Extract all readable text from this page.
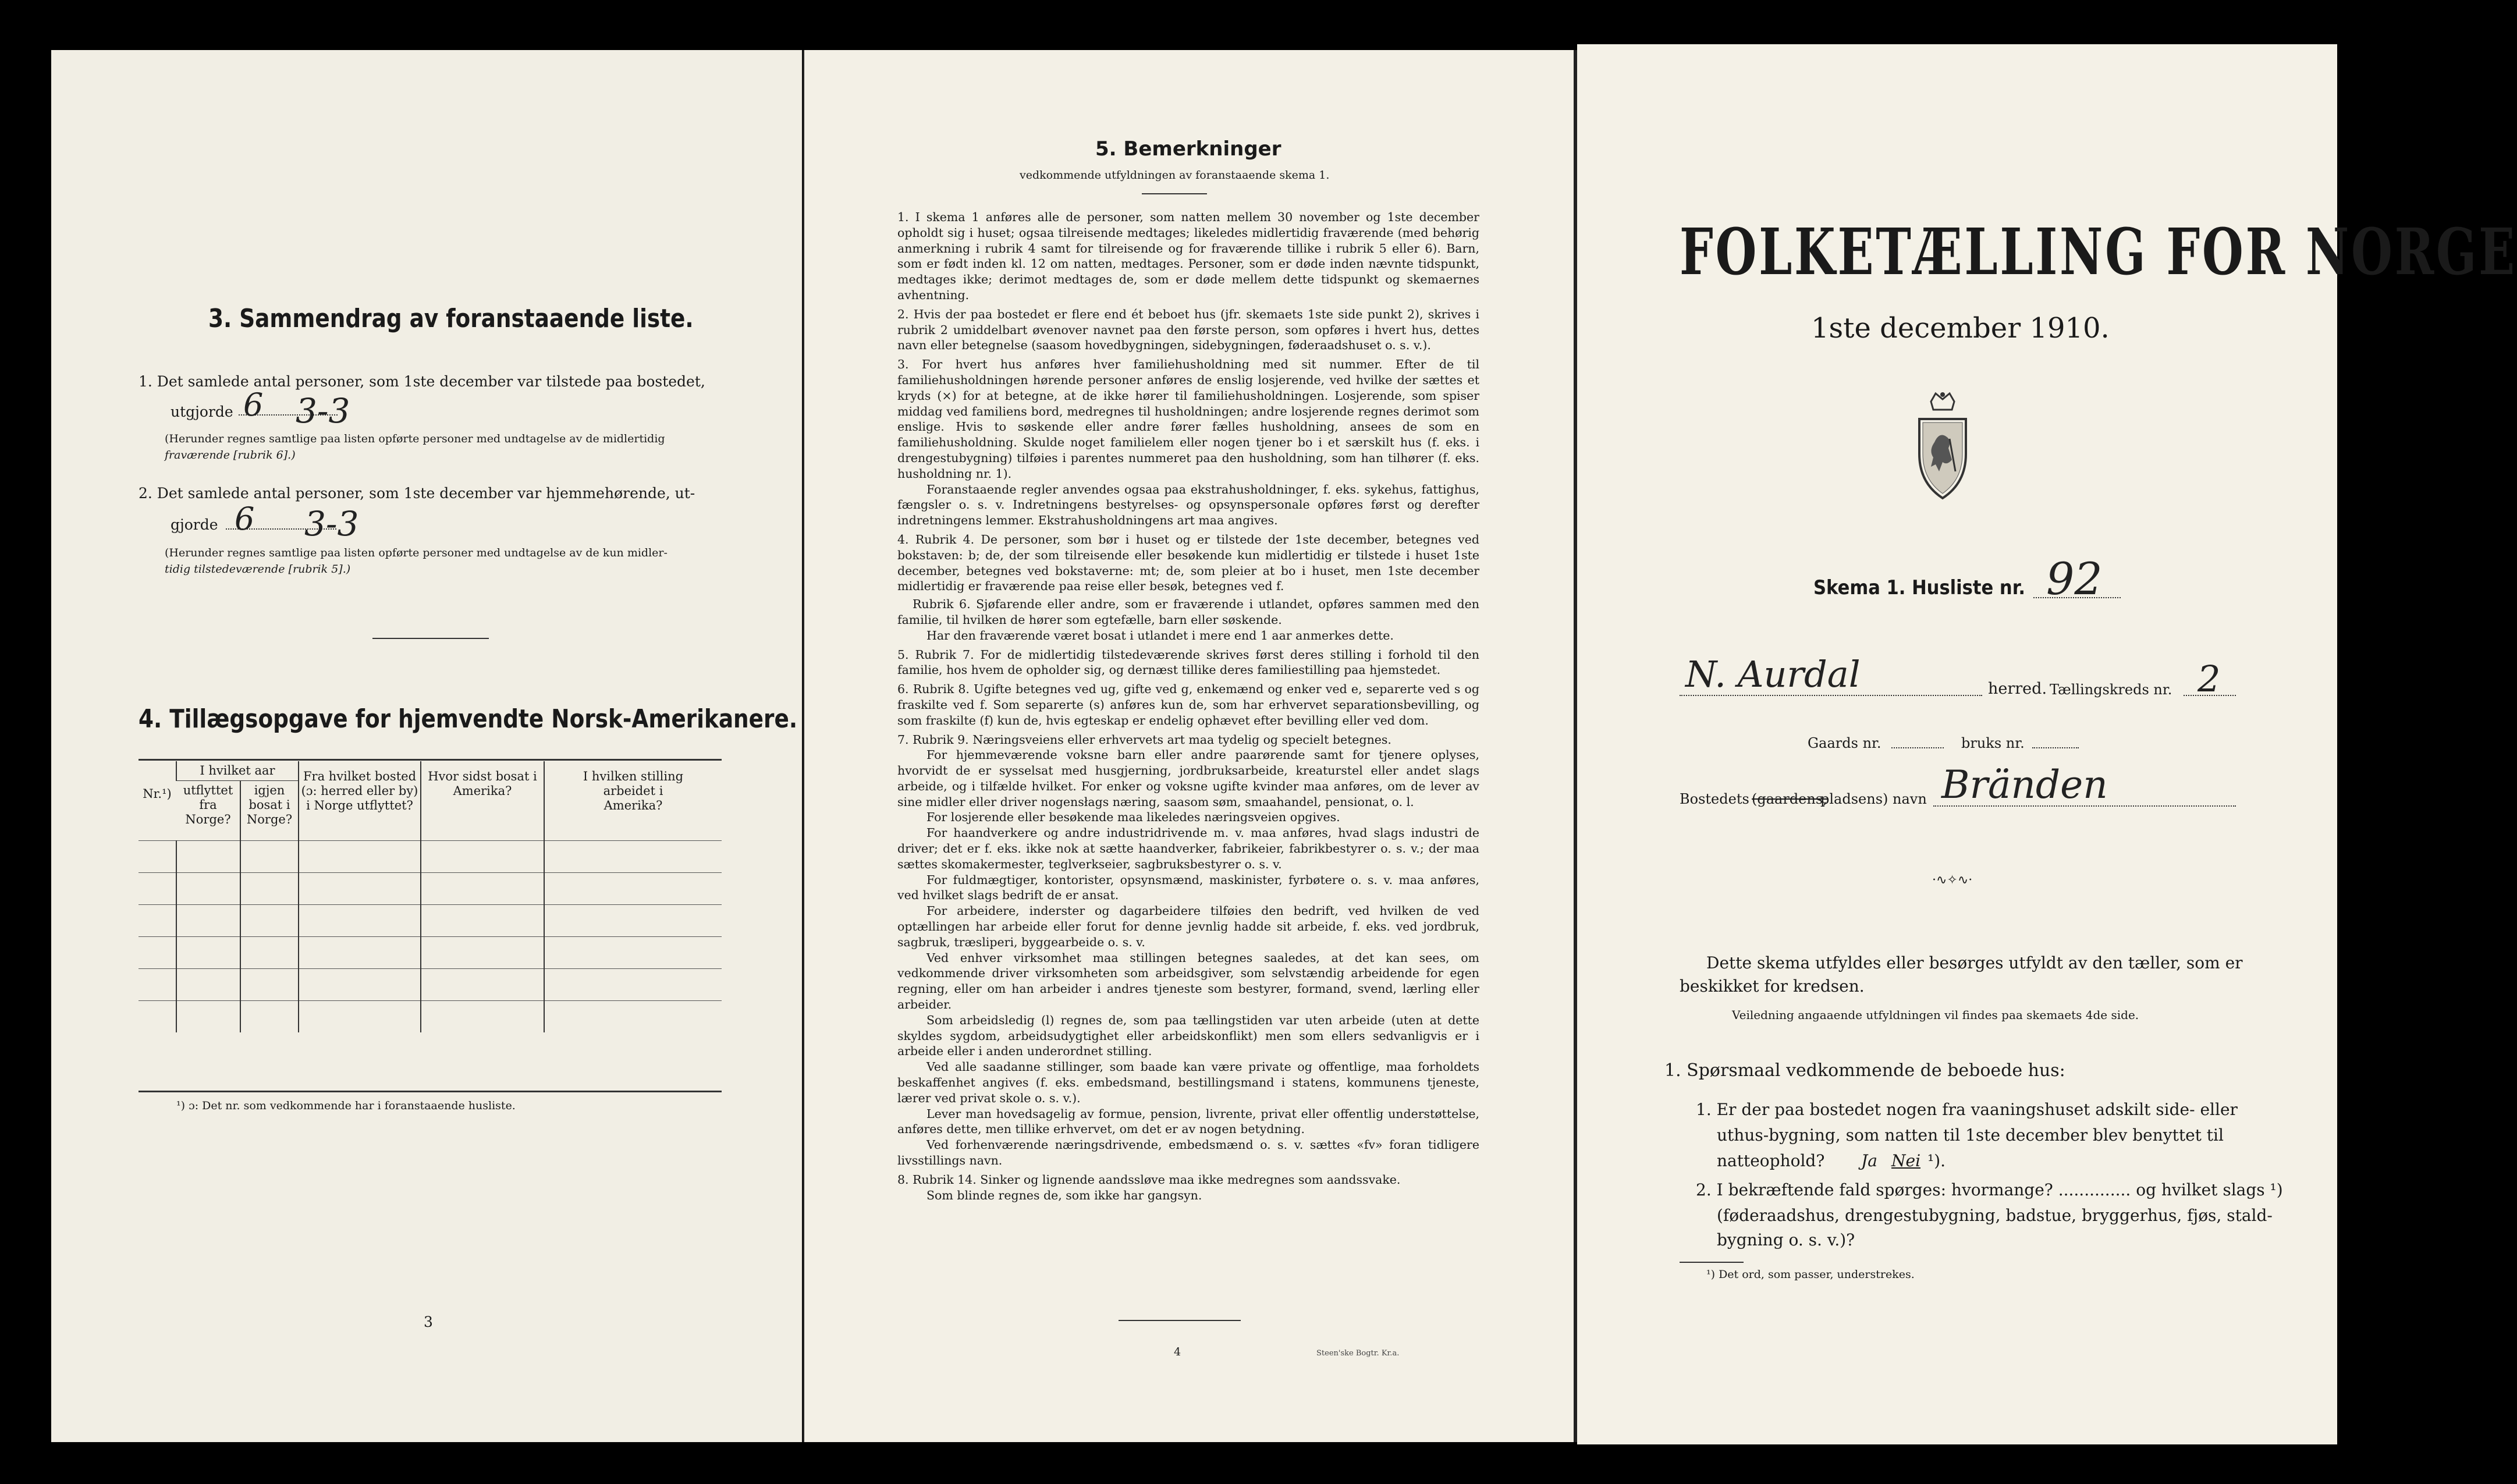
3. Sammendrag av foranstaaende liste.
1. Det samlede antal personer, som 1ste december var tilstede paa bostedet,
utgjorde 6 3-3
(Herunder regnes samtlige paa listen opførte personer med undtagelse av de midlertidig
fraværende [rubrik 6].)
2. Det samlede antal personer, som 1ste december var hjemmehørende, ut-
gjorde 6 3-3
(Herunder regnes samtlige paa listen opførte personer med undtagelse av de kun midler-
tidig tilstedeværende [rubrik 5].)
4. Tillægsopgave for hjemvendte Norsk-Amerikanere.
Nr.¹)	I hvilket aar		Fra hvilket bosted (ɔ: herred eller by) i Norge utflyttet?	Hvor sidst bosat i Amerika?	I hvilken stilling arbeidet i Amerika?
	utflyttet fra Norge?	igjen bosat i Norge?			

¹) ɔ: Det nr. som vedkommende har i foranstaaende husliste.
3
5. Bemerkninger
vedkommende utfyldningen av foranstaaende skema 1.

1. I skema 1 anføres alle de personer, som natten mellem 30 november og 1ste december opholdt sig i huset; ogsaa tilreisende medtages; likeledes midlertidig fraværende (med behørig anmerkning i rubrik 4 samt for tilreisende og for fraværende tillike i rubrik 5 eller 6). Barn, som er født inden kl. 12 om natten, medtages. Personer, som er døde inden nævnte tidspunkt, medtages ikke; derimot medtages de, som er døde mellem dette tidspunkt og skemaernes avhentning.

2. Hvis der paa bostedet er flere end ét beboet hus (jfr. skemaets 1ste side punkt 2), skrives i rubrik 2 umiddelbart øvenover navnet paa den første person, som opføres i hvert hus, dettes navn eller betegnelse (saasom hovedbygningen, sidebygningen, føderaadshuset o. s. v.).

3. For hvert hus anføres hver familiehusholdning med sit nummer. Efter de til familiehusholdningen hørende personer anføres de enslig losjerende, ved hvilke der sættes et kryds (×) for at betegne, at de ikke hører til familiehusholdningen. Losjerende, som spiser middag ved familiens bord, medregnes til husholdningen; andre losjerende regnes derimot som enslige. Hvis to søskende eller andre fører fælles husholdning, ansees de som en familiehusholdning. Skulde noget familielem eller nogen tjener bo i et særskilt hus (f. eks. i drengestubygning) tilføies i parentes nummeret paa den husholdning, som han tilhører (f. eks. husholdning nr. 1).

Foranstaaende regler anvendes ogsaa paa ekstrahusholdninger, f. eks. sykehus, fattighus, fængsler o. s. v. Indretningens bestyrelses- og opsynspersonale opføres først og derefter indretningens lemmer. Ekstrahusholdningens art maa angives.

4. Rubrik 4. De personer, som bør i huset og er tilstede der 1ste december, betegnes ved bokstaven: b; de, der som tilreisende eller besøkende kun midlertidig er tilstede i huset 1ste december, betegnes ved bokstaverne: mt; de, som pleier at bo i huset, men 1ste december midlertidig er fraværende paa reise eller besøk, betegnes ved f.

Rubrik 6. Sjøfarende eller andre, som er fraværende i utlandet, opføres sammen med den familie, til hvilken de hører som egtefælle, barn eller søskende.

Har den fraværende været bosat i utlandet i mere end 1 aar anmerkes dette.

5. Rubrik 7. For de midlertidig tilstedeværende skrives først deres stilling i forhold til den familie, hos hvem de opholder sig, og dernæst tillike deres familiestilling paa hjemstedet.

6. Rubrik 8. Ugifte betegnes ved ug, gifte ved g, enkemænd og enker ved e, separerte ved s og fraskilte ved f. Som separerte (s) anføres kun de, som har erhvervet separationsbevilling, og som fraskilte (f) kun de, hvis egteskap er endelig ophævet efter bevilling eller ved dom.

7. Rubrik 9. Næringsveiens eller erhvervets art maa tydelig og specielt betegnes.

For hjemmeværende voksne barn eller andre paarørende samt for tjenere oplyses, hvorvidt de er sysselsat med husgjerning, jordbruksarbeide, kreaturstel eller andet slags arbeide, og i tilfælde hvilket. For enker og voksne ugifte kvinder maa anføres, om de lever av sine midler eller driver nogensłags næring, saasom søm, smaahandel, pensionat, o. l.

For losjerende eller besøkende maa likeledes næringsveien opgives.

For haandverkere og andre industridrivende m. v. maa anføres, hvad slags industri de driver; det er f. eks. ikke nok at sætte haandverker, fabrikeier, fabrikbestyrer o. s. v.; der maa sættes skomakermester, teglverkseier, sagbruksbestyrer o. s. v.

For fuldmægtiger, kontorister, opsynsmænd, maskinister, fyrbøtere o. s. v. maa anføres, ved hvilket slags bedrift de er ansat.

For arbeidere, inderster og dagarbeidere tilføies den bedrift, ved hvilken de ved optællingen har arbeide eller forut for denne jevnlig hadde sit arbeide, f. eks. ved jordbruk, sagbruk, træsliperi, byggearbeide o. s. v.

Ved enhver virksomhet maa stillingen betegnes saaledes, at det kan sees, om vedkommende driver virksomheten som arbeidsgiver, som selvstændig arbeidende for egen regning, eller om han arbeider i andres tjeneste som bestyrer, formand, svend, lærling eller arbeider.

Som arbeidsledig (l) regnes de, som paa tællingstiden var uten arbeide (uten at dette skyldes sygdom, arbeidsudygtighet eller arbeidskonflikt) men som ellers sedvanligvis er i arbeide eller i anden underordnet stilling.

Ved alle saadanne stillinger, som baade kan være private og offentlige, maa forholdets beskaffenhet angives (f. eks. embedsmand, bestillingsmand i statens, kommunens tjeneste, lærer ved privat skole o. s. v.).

Lever man hovedsagelig av formue, pension, livrente, privat eller offentlig understøttelse, anføres dette, men tillike erhvervet, om det er av nogen betydning.

Ved forhenværende næringsdrivende, embedsmænd o. s. v. sættes «fv» foran tidligere livsstillings navn.

8. Rubrik 14. Sinker og lignende aandssløve maa ikke medregnes som aandssvake.

Som blinde regnes de, som ikke har gangsyn.

4	Steen'ske Bogtr. Kr.a.
FOLKETÆLLING FOR NORGE
1ste december 1910.
Skema 1. Husliste nr. 92
N. Aurdal	herred. Tællingskreds nr. 2
Gaards nr.	bruks nr.
Bostedets (gaardens,
pladsens) navn Bränden
·∿✧∿·
Dette skema utfyldes eller besørges utfyldt av den tæller, som er
beskikket for kredsen.
Veiledning angaaende utfyldningen vil findes paa skemaets 4de side.
1. Spørsmaal vedkommende de beboede hus:
1. Er der paa bostedet nogen fra vaaningshuset adskilt side- eller
uthus-bygning, som natten til 1ste december blev benyttet til
natteophold? Ja Nei ¹).
2. I bekræftende fald spørges: hvormange? .............. og hvilket slags ¹)
(føderaadshus, drengestubygning, badstue, bryggerhus, fjøs, stald-
bygning o. s. v.)?
¹) Det ord, som passer, understrekes.
